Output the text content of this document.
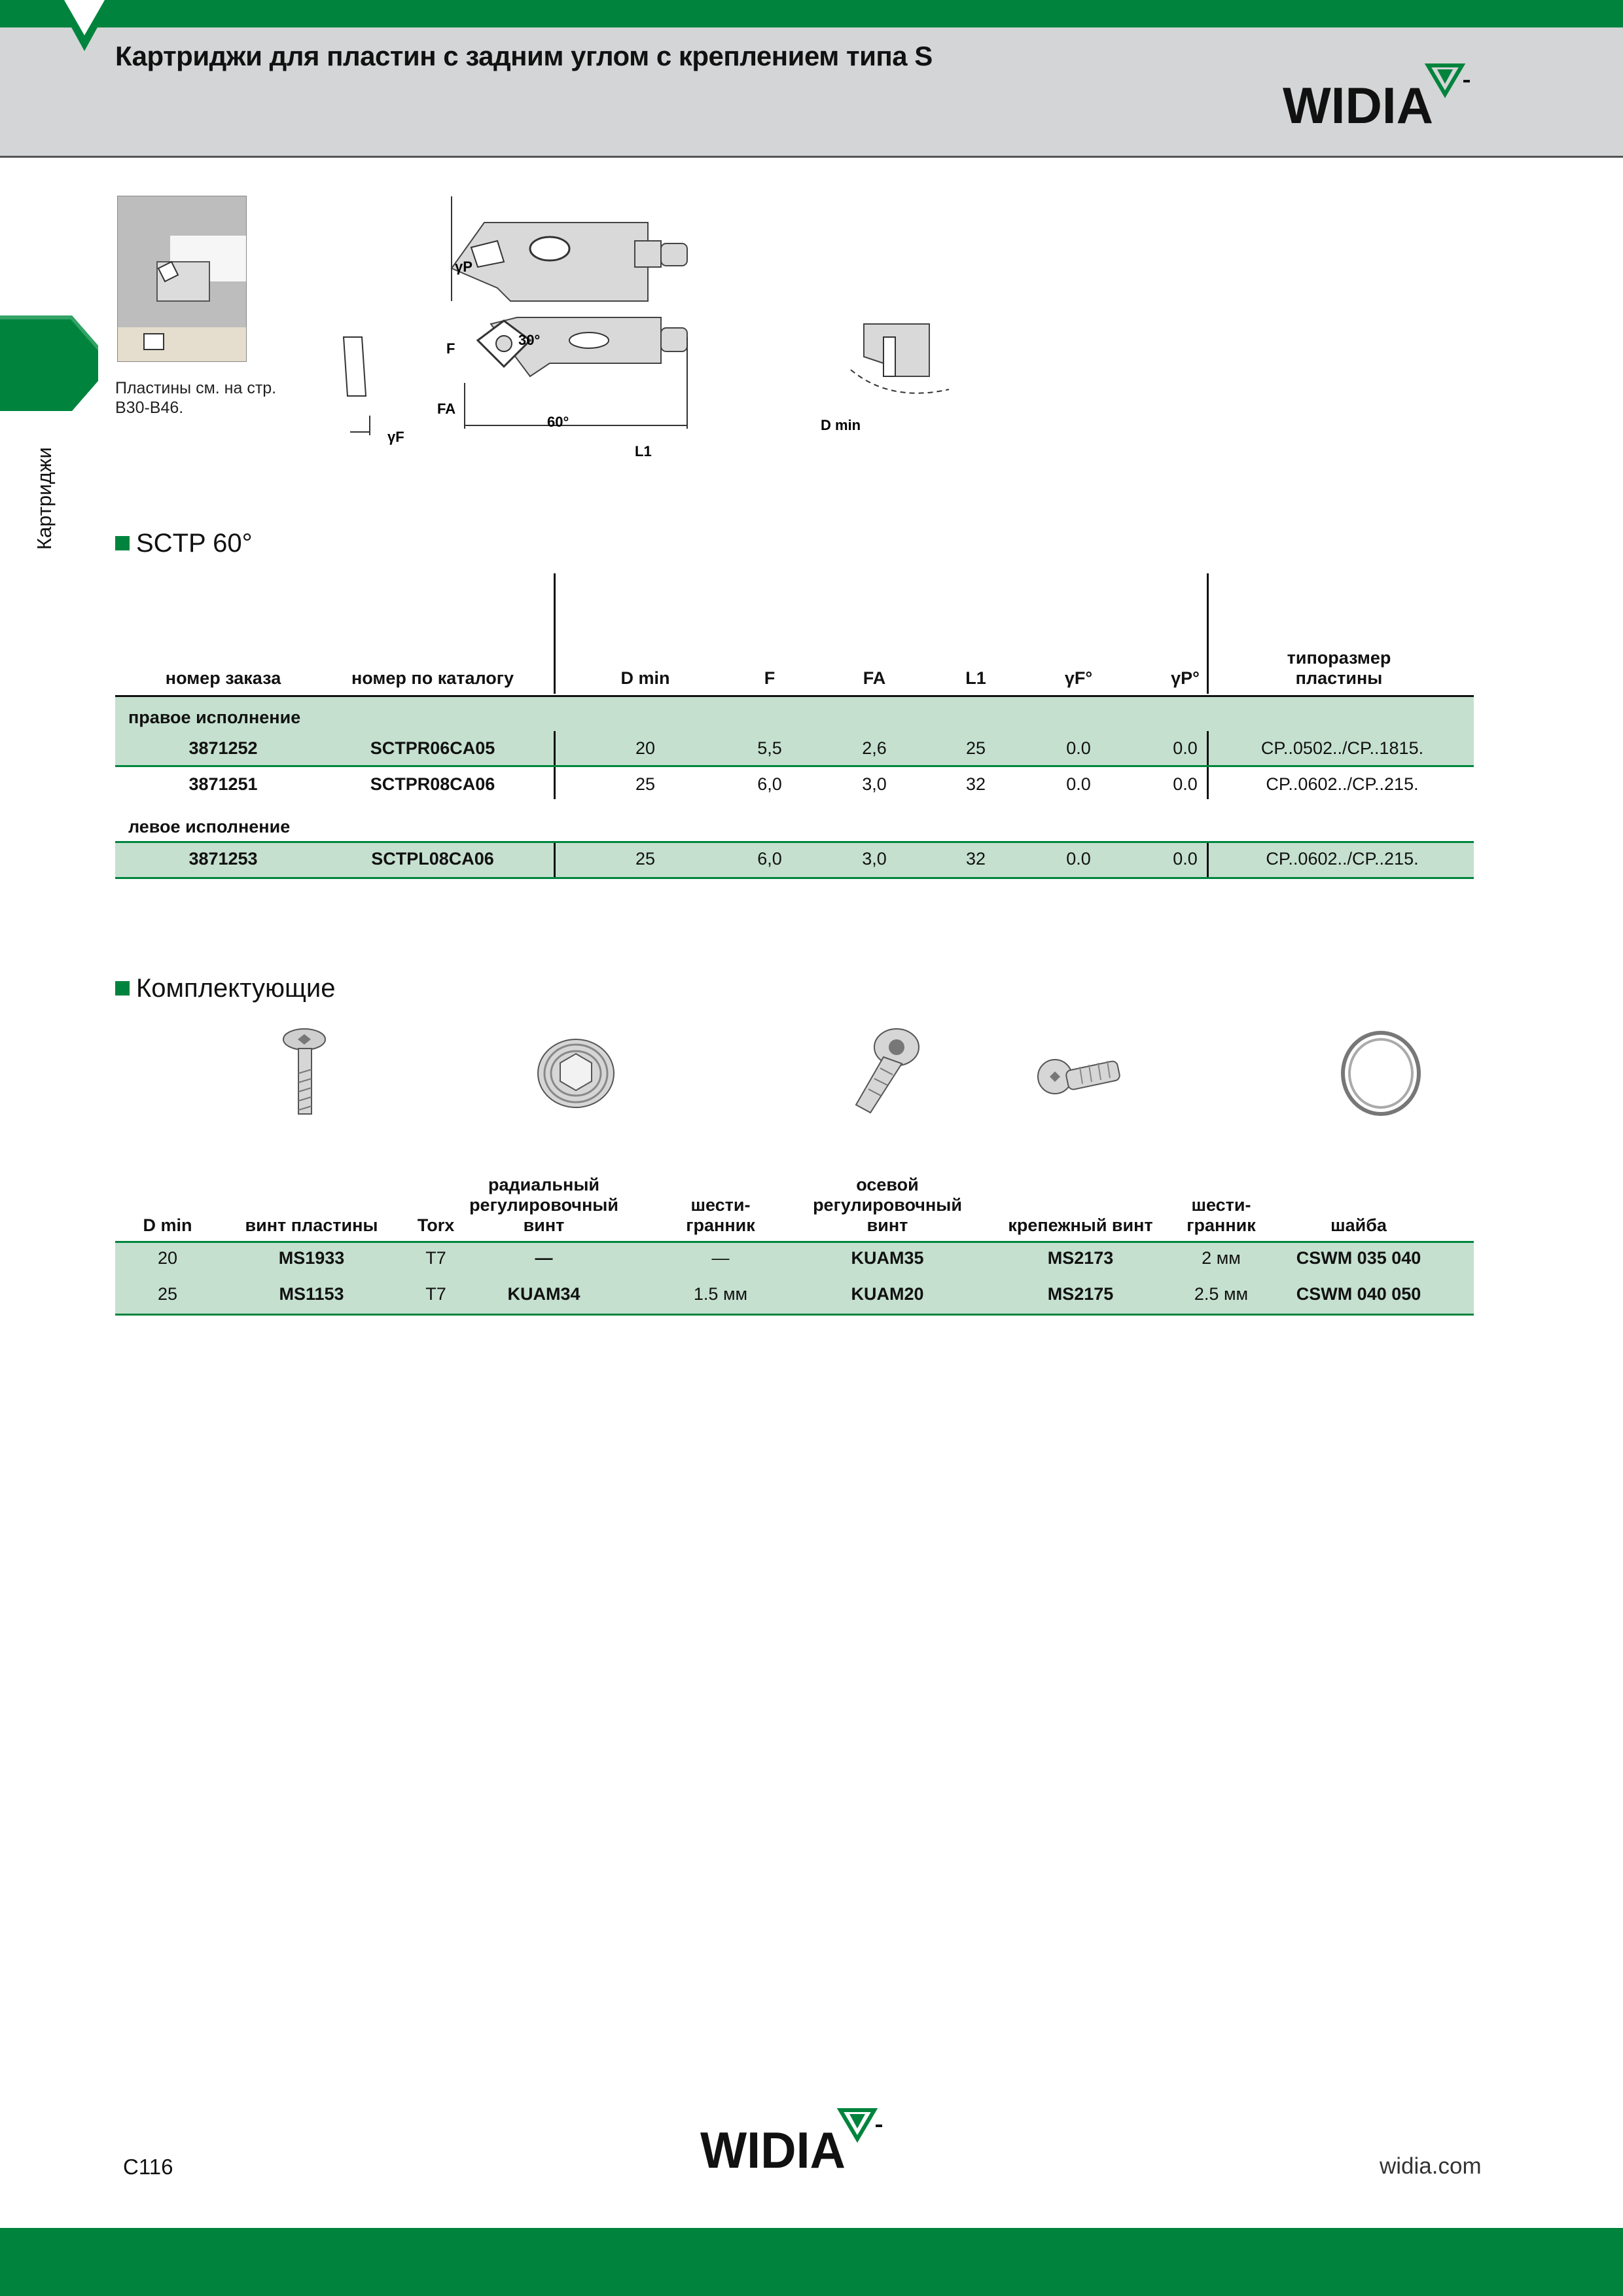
Картриджи для пластин с задним углом с креплением типа S
WIDIA
Картриджи
γF
γP
F
FA
30°
60°
L1
D min
Пластины см. на стр.
B30-B46.
SCTP 60°
номер заказа	номер по каталогу	D min	F	FA	L1	γF°	γP°
типоразмер пластины
правое исполнение
3871252	SCTPR06CA05	20	5,5	2,6	25	0.0	0.0	CP..0502../CP..1815.
3871251	SCTPR08CA06	25	6,0	3,0	32	0.0	0.0	CP..0602../CP..215.
левое исполнение
3871253	SCTPL08CA06	25	6,0	3,0	32	0.0	0.0	CP..0602../CP..215.
Комплектующие
D min	винт пластины	Torx
радиальный регулировочный винт
шести-гранник
осевой регулировочный винт	крепежный винт
шести-гранник	шайба
20	MS1933	T7	—	—	KUAM35	MS2173	2 мм	CSWM 035 040
25	MS1153	T7	KUAM34	1.5 мм	KUAM20	MS2175	2.5 мм	CSWM 040 050
C116	WIDIA	widia.com
